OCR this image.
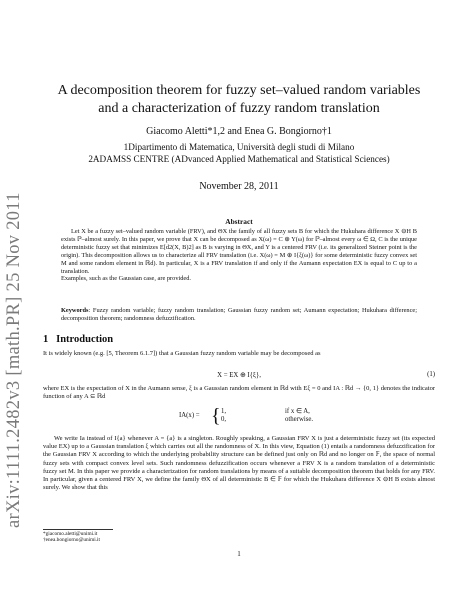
arXiv:1111.2482v3 [math.PR] 25 Nov 2011
A decomposition theorem for fuzzy set–valued random variables
and a characterization of fuzzy random translation
Giacomo Aletti*1,2 and Enea G. Bongiorno†1
1Dipartimento di Matematica, Università degli studi di Milano
2ADAMSS CENTRE (ADvanced Applied Mathematical and Statistical Sciences)
November 28, 2011
Abstract

Let X be a fuzzy set–valued random variable (FRV), and ΘX the family of all fuzzy sets B for which the Hukuhara difference X ⊖H B exists ℙ–almost surely. In this paper, we prove that X can be decomposed as X(ω) = C ⊕ Y(ω) for ℙ–almost every ω ∈ Ω, C is the unique deterministic fuzzy set that minimizes E[d2(X, B)2] as B is varying in ΘX, and Y is a centered FRV (i.e. its generalized Steiner point is the origin). This decomposition allows us to characterize all FRV translation (i.e. X(ω) = M ⊕ I{ξ(ω)} for some deterministic fuzzy convex set M and some random element in ℝd). In particular, X is a FRV translation if and only if the Aumann expectation EX is equal to C up to a translation.

Examples, such as the Gaussian case, are provided.

Keywords: Fuzzy random variable; fuzzy random translation; Gaussian fuzzy random set; Aumann expectation; Hukuhara difference; decomposition theorem; randomness defuzzification.
1 Introduction

It is widely known (e.g. [5, Theorem 6.1.7]) that a Gaussian fuzzy random variable may be decomposed as

X = EX ⊕ I{ξ},	(1)

where EX is the expectation of X in the Aumann sense, ξ is a Gaussian random element in ℝd with Eξ = 0 and IA : ℝd → {0, 1} denotes the indicator function of any A ⊆ ℝd

IA(x) = { 1,	if x ∈ A,
0,	otherwise.

We write Ia instead of I{a} whenever A = {a} is a singleton. Roughly speaking, a Gaussian FRV X is just a deterministic fuzzy set (its expected value EX) up to a Gaussian translation ξ which carries out all the randomness of X. In this view, Equation (1) entails a randomness defuzzification for the Gaussian FRV X according to which the underlying probability structure can be defined just only on ℝd and no longer on 𝔽, the space of normal fuzzy sets with compact convex level sets. Such randomness defuzzification occurs whenever a FRV X is a random translation of a deterministic fuzzy set M. In this paper we provide a characterization for random translations by means of a suitable decomposition theorem that holds for any FRV. In particular, given a centered FRV X, we define the family ΘX of all deterministic B ∈ 𝔽 for which the Hukuhara difference X ⊖H B exists almost surely. We show that this

*giacomo.aletti@unimi.it
†enea.bongiorno@unimi.it
1
